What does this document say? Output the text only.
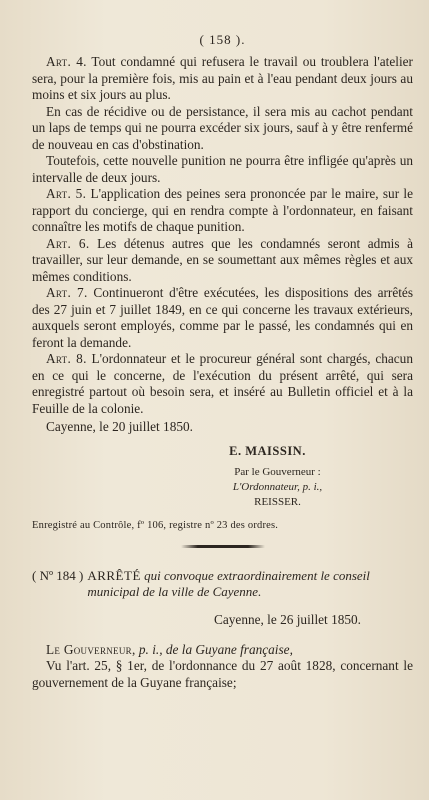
( 158 ).

Art. 4. Tout condamné qui refusera le travail ou troublera l'atelier sera, pour la première fois, mis au pain et à l'eau pendant deux jours au moins et six jours au plus.

En cas de récidive ou de persistance, il sera mis au cachot pendant un laps de temps qui ne pourra excéder six jours, sauf à y être renfermé de nouveau en cas d'obstination.

Toutefois, cette nouvelle punition ne pourra être infligée qu'après un intervalle de deux jours.

Art. 5. L'application des peines sera prononcée par le maire, sur le rapport du concierge, qui en rendra compte à l'ordonnateur, en faisant connaître les motifs de chaque punition.

Art. 6. Les détenus autres que les condamnés seront admis à travailler, sur leur demande, en se soumettant aux mêmes règles et aux mêmes conditions.

Art. 7. Continueront d'être exécutées, les dispositions des arrêtés des 27 juin et 7 juillet 1849, en ce qui concerne les travaux extérieurs, auxquels seront employés, comme par le passé, les condamnés qui en feront la demande.

Art. 8. L'ordonnateur et le procureur général sont chargés, chacun en ce qui le concerne, de l'exécution du présent arrêté, qui sera enregistré partout où besoin sera, et inséré au Bulletin officiel et à la Feuille de la colonie.

Cayenne, le 20 juillet 1850.

E. MAISSIN.
Par le Gouverneur :
L'Ordonnateur, p. i.,
REISSER.
Enregistré au Contrôle, fº 106, registre nº 23 des ordres.
( Nº 184 ) ARRÊTÉ qui convoque extraordinairement le conseil municipal de la ville de Cayenne.
Cayenne, le 26 juillet 1850.

Le Gouverneur, p. i., de la Guyane française,

Vu l'art. 25, § 1er, de l'ordonnance du 27 août 1828, concernant le gouvernement de la Guyane française;
